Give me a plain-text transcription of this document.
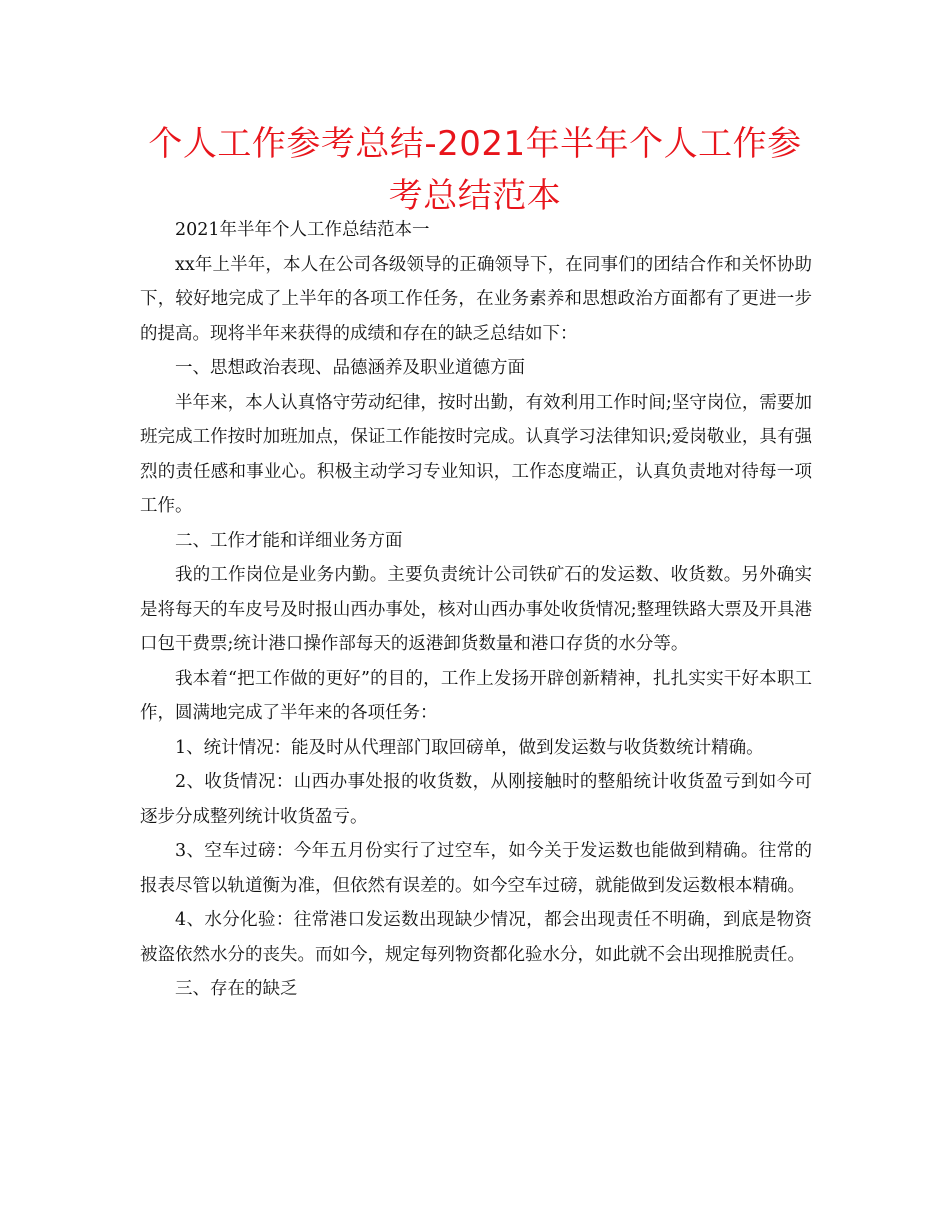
个人工作参考总结-2021年半年个人工作参考总结范本

2021年半年个人工作总结范本一

xx年上半年，本人在公司各级领导的正确领导下，在同事们的团结合作和关怀协助下，较好地完成了上半年的各项工作任务，在业务素养和思想政治方面都有了更进一步的提高。现将半年来获得的成绩和存在的缺乏总结如下：

一、思想政治表现、品德涵养及职业道德方面

半年来，本人认真恪守劳动纪律，按时出勤，有效利用工作时间;坚守岗位，需要加班完成工作按时加班加点，保证工作能按时完成。认真学习法律知识;爱岗敬业，具有强烈的责任感和事业心。积极主动学习专业知识，工作态度端正，认真负责地对待每一项工作。

二、工作才能和详细业务方面

我的工作岗位是业务内勤。主要负责统计公司铁矿石的发运数、收货数。另外确实是将每天的车皮号及时报山西办事处，核对山西办事处收货情况;整理铁路大票及开具港口包干费票;统计港口操作部每天的返港卸货数量和港口存货的水分等。

我本着“把工作做的更好”的目的，工作上发扬开辟创新精神，扎扎实实干好本职工作，圆满地完成了半年来的各项任务：

1、统计情况：能及时从代理部门取回磅单，做到发运数与收货数统计精确。

2、收货情况：山西办事处报的收货数，从刚接触时的整船统计收货盈亏到如今可逐步分成整列统计收货盈亏。

3、空车过磅：今年五月份实行了过空车，如今关于发运数也能做到精确。往常的报表尽管以轨道衡为准，但依然有误差的。如今空车过磅，就能做到发运数根本精确。

4、水分化验：往常港口发运数出现缺少情况，都会出现责任不明确，到底是物资被盗依然水分的丧失。而如今，规定每列物资都化验水分，如此就不会出现推脱责任。

三、存在的缺乏
